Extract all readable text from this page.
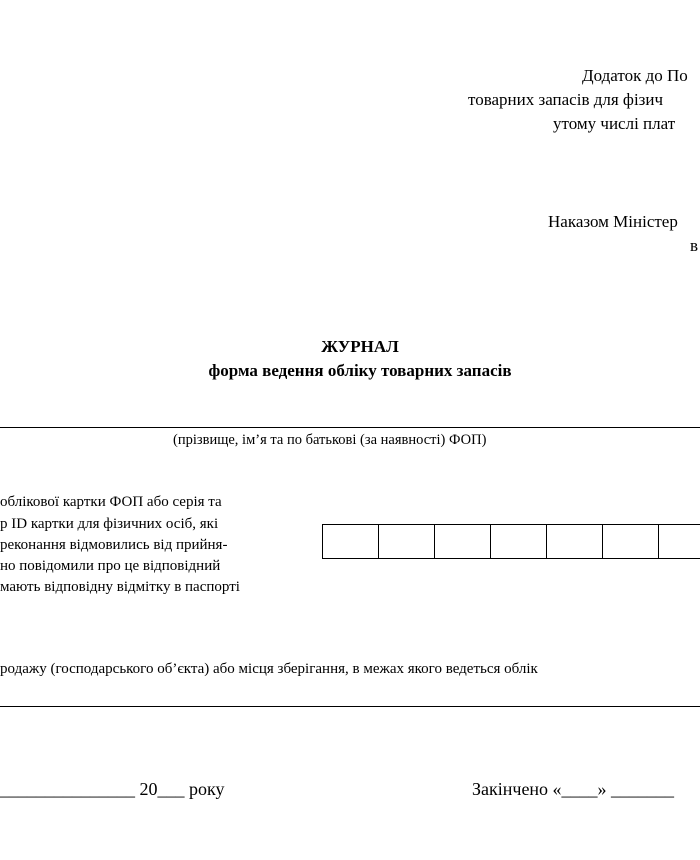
Додаток до По
товарних запасів для фізич
утому числі плат
Наказом Міністер
в
ЖУРНАЛ
форма ведення обліку товарних запасів
(прізвище, ім’я та по батькові (за наявності) ФОП)
облікової картки ФОП або серія та
р ID картки для фізичних осіб, які
реконання відмовились від прийня-
но повідомили про це відповідний
мають відповідну відмітку в паспорті
родажу (господарського об’єкта) або місця зберігання, в межах якого ведеться облік
_______________ 20___ року	Закінчено «____» _______
